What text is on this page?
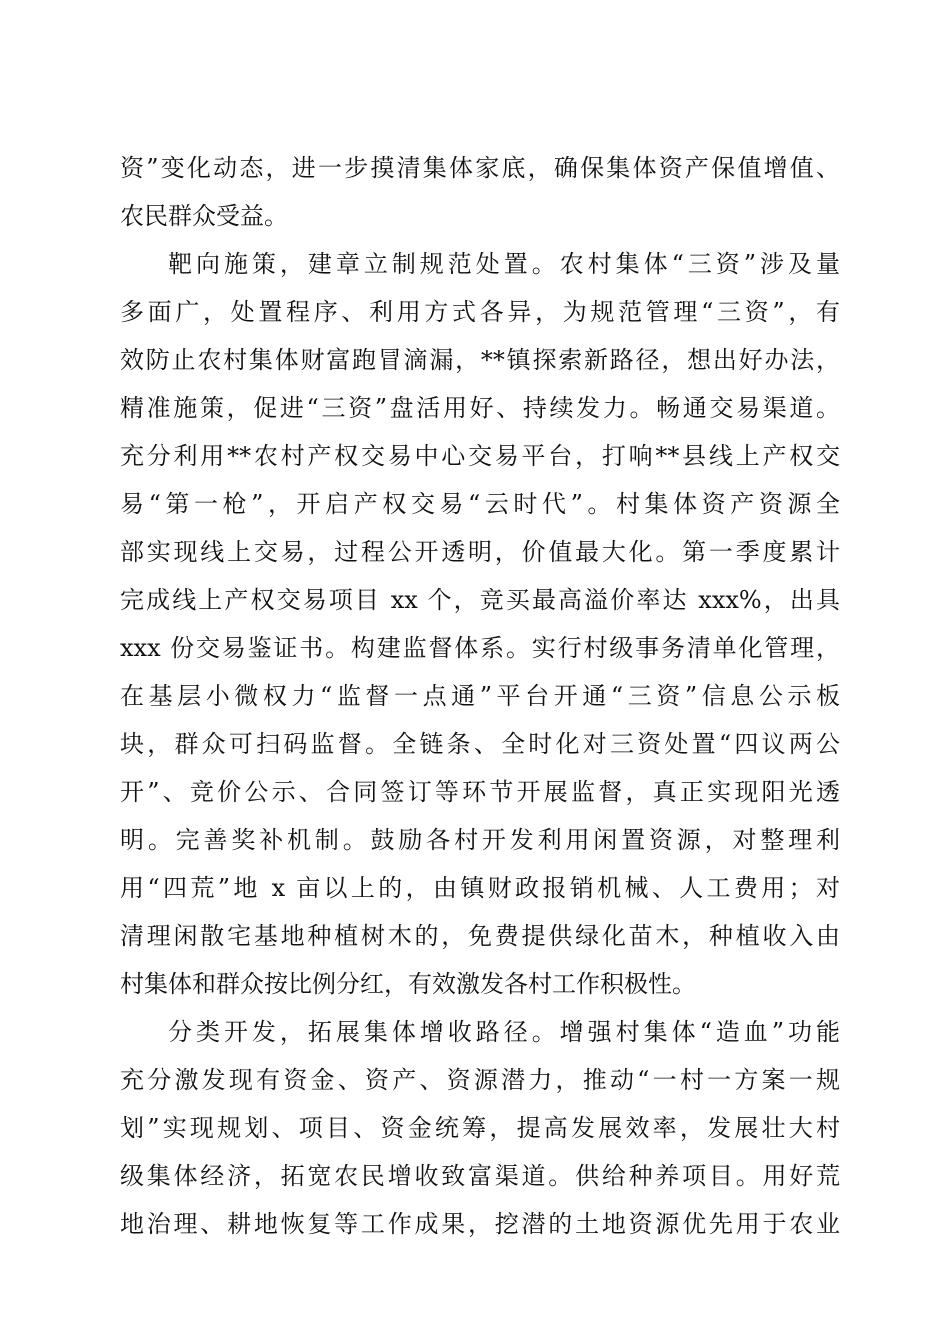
资”变化动态，进一步摸清集体家底，确保集体资产保值增值、
农民群众受益。
靶向施策，建章立制规范处置。农村集体“三资”涉及量
多面广，处置程序、利用方式各异，为规范管理“三资”，有
效防止农村集体财富跑冒滴漏，**镇探索新路径，想出好办法，
精准施策，促进“三资”盘活用好、持续发力。畅通交易渠道。
充分利用**农村产权交易中心交易平台，打响**县线上产权交
易“第一枪”，开启产权交易“云时代”。村集体资产资源全
部实现线上交易，过程公开透明，价值最大化。第一季度累计
完成线上产权交易项目 xx 个，竞买最高溢价率达 xxx%，出具
xxx 份交易鉴证书。构建监督体系。实行村级事务清单化管理，
在基层小微权力“监督一点通”平台开通“三资”信息公示板
块，群众可扫码监督。全链条、全时化对三资处置“四议两公
开”、竞价公示、合同签订等环节开展监督，真正实现阳光透
明。完善奖补机制。鼓励各村开发利用闲置资源，对整理利
用“四荒”地 x 亩以上的，由镇财政报销机械、人工费用；对
清理闲散宅基地种植树木的，免费提供绿化苗木，种植收入由
村集体和群众按比例分红，有效激发各村工作积极性。
分类开发，拓展集体增收路径。增强村集体“造血”功能
充分激发现有资金、资产、资源潜力，推动“一村一方案一规
划”实现规划、项目、资金统筹，提高发展效率，发展壮大村
级集体经济，拓宽农民增收致富渠道。供给种养项目。用好荒
地治理、耕地恢复等工作成果，挖潜的土地资源优先用于农业
